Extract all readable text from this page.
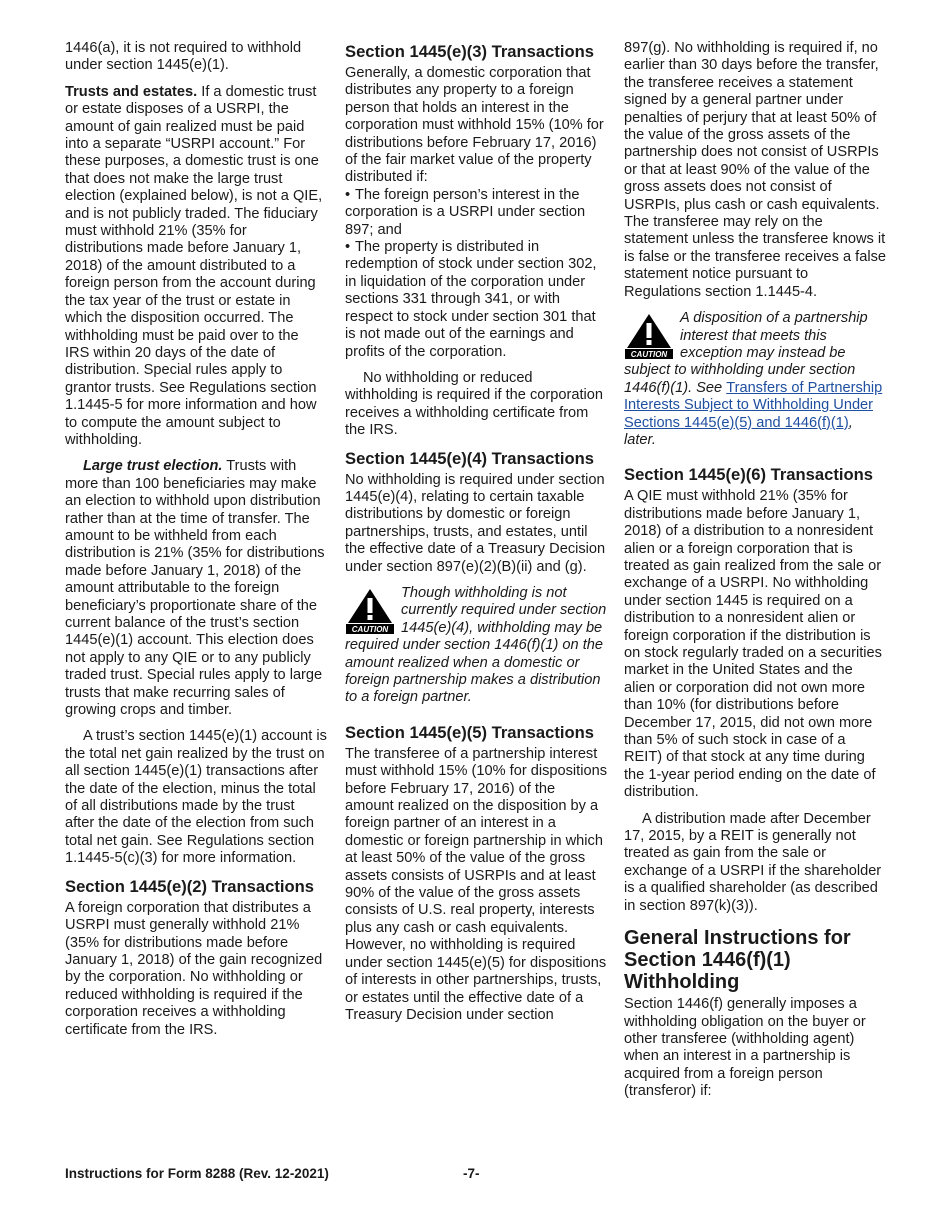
1446(a), it is not required to withhold under section 1445(e)(1).

Trusts and estates. If a domestic trust or estate disposes of a USRPI, the amount of gain realized must be paid into a separate “USRPI account.” For these purposes, a domestic trust is one that does not make the large trust election (explained below), is not a QIE, and is not publicly traded. The fiduciary must withhold 21% (35% for distributions made before January 1, 2018) of the amount distributed to a foreign person from the account during the tax year of the trust or estate in which the disposition occurred. The withholding must be paid over to the IRS within 20 days of the date of distribution. Special rules apply to grantor trusts. See Regulations section 1.1445-5 for more information and how to compute the amount subject to withholding.

Large trust election. Trusts with more than 100 beneficiaries may make an election to withhold upon distribution rather than at the time of transfer. The amount to be withheld from each distribution is 21% (35% for distributions made before January 1, 2018) of the amount attributable to the foreign beneficiary’s proportionate share of the current balance of the trust’s section 1445(e)(1) account. This election does not apply to any QIE or to any publicly traded trust. Special rules apply to large trusts that make recurring sales of growing crops and timber.

A trust’s section 1445(e)(1) account is the total net gain realized by the trust on all section 1445(e)(1) transactions after the date of the election, minus the total of all distributions made by the trust after the date of the election from such total net gain. See Regulations section 1.1445-5(c)(3) for more information.

Section 1445(e)(2) Transactions

A foreign corporation that distributes a USRPI must generally withhold 21% (35% for distributions made before January 1, 2018) of the gain recognized by the corporation. No withholding or reduced withholding is required if the corporation receives a withholding certificate from the IRS.

Section 1445(e)(3) Transactions

Generally, a domestic corporation that distributes any property to a foreign person that holds an interest in the corporation must withhold 15% (10% for distributions before February 17, 2016) of the fair market value of the property distributed if:

• The foreign person’s interest in the corporation is a USRPI under section 897; and
• The property is distributed in redemption of stock under section 302, in liquidation of the corporation under sections 331 through 341, or with respect to stock under section 301 that is not made out of the earnings and profits of the corporation.

No withholding or reduced withholding is required if the corporation receives a withholding certificate from the IRS.

Section 1445(e)(4) Transactions

No withholding is required under section 1445(e)(4), relating to certain taxable distributions by domestic or foreign partnerships, trusts, and estates, until the effective date of a Treasury Decision under section 897(e)(2)(B)(ii) and (g).

CAUTION
Though withholding is not currently required under section 1445(e)(4), withholding may be required under section 1446(f)(1) on the amount realized when a domestic or foreign partnership makes a distribution to a foreign partner.
Section 1445(e)(5) Transactions

The transferee of a partnership interest must withhold 15% (10% for dispositions before February 17, 2016) of the amount realized on the disposition by a foreign partner of an interest in a domestic or foreign partnership in which at least 50% of the value of the gross assets consists of USRPIs and at least 90% of the value of the gross assets consists of U.S. real property, interests plus any cash or cash equivalents. However, no withholding is required under section 1445(e)(5) for dispositions of interests in other partnerships, trusts, or estates until the effective date of a Treasury Decision under section

897(g). No withholding is required if, no earlier than 30 days before the transfer, the transferee receives a statement signed by a general partner under penalties of perjury that at least 50% of the value of the gross assets of the partnership does not consist of USRPIs or that at least 90% of the value of the gross assets does not consist of USRPIs, plus cash or cash equivalents. The transferee may rely on the statement unless the transferee knows it is false or the transferee receives a false statement notice pursuant to Regulations section 1.1445-4.

CAUTION
A disposition of a partnership interest that meets this exception may instead be subject to withholding under section 1446(f)(1). See Transfers of Partnership Interests Subject to Withholding Under Sections 1445(e)(5) and 1446(f)(1), later.
Section 1445(e)(6) Transactions

A QIE must withhold 21% (35% for distributions made before January 1, 2018) of a distribution to a nonresident alien or a foreign corporation that is treated as gain realized from the sale or exchange of a USRPI. No withholding under section 1445 is required on a distribution to a nonresident alien or foreign corporation if the distribution is on stock regularly traded on a securities market in the United States and the alien or corporation did not own more than 10% (for distributions before December 17, 2015, did not own more than 5% of such stock in case of a REIT) of that stock at any time during the 1-year period ending on the date of distribution.

A distribution made after December 17, 2015, by a REIT is generally not treated as gain from the sale or exchange of a USRPI if the shareholder is a qualified shareholder (as described in section 897(k)(3)).

General Instructions for Section 1446(f)(1) Withholding

Section 1446(f) generally imposes a withholding obligation on the buyer or other transferee (withholding agent) when an interest in a partnership is acquired from a foreign person (transferor) if:

Instructions for Form 8288 (Rev. 12-2021)	-7-
